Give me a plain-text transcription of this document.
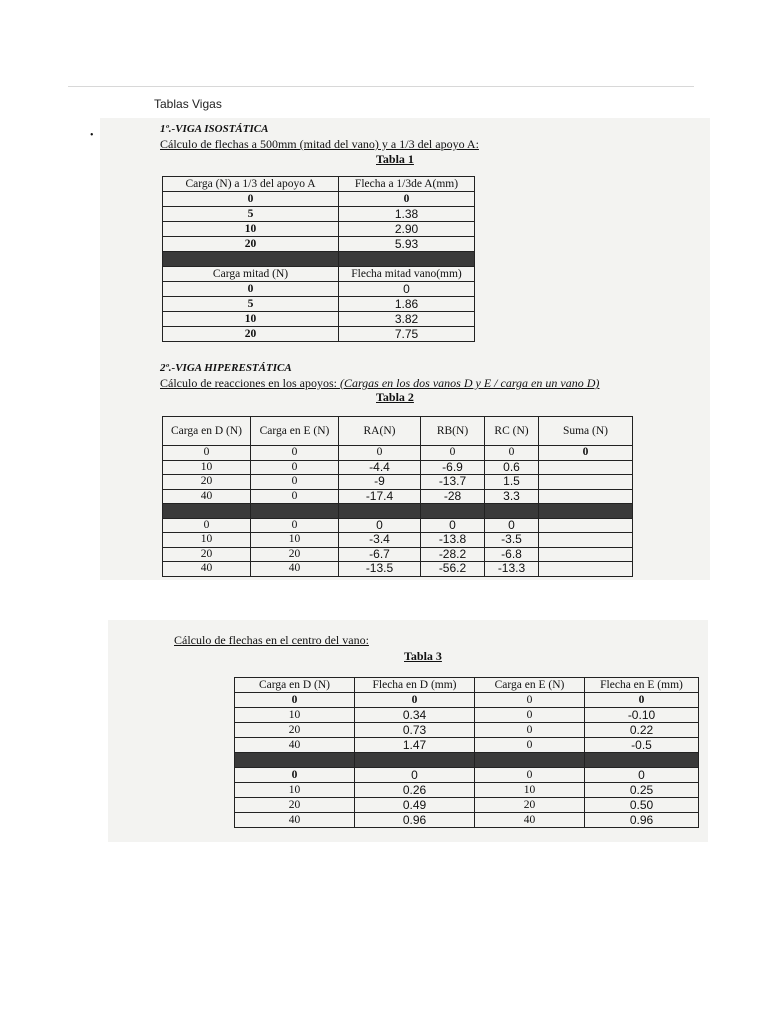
Tablas Vigas
•
1º.-VIGA ISOSTÁTICA
Cálculo de flechas a 500mm (mitad del vano) y a 1/3 del apoyo A:
Tabla 1
Carga (N) a 1/3 del apoyo A	Flecha a 1/3de A(mm)
0	0
5	1.38
10	2.90
20	5.93

Carga mitad (N)	Flecha mitad vano(mm)
0	0
5	1.86
10	3.82
20	7.75
2º.-VIGA HIPERESTÁTICA
Cálculo de reacciones en los apoyos: (Cargas en los dos vanos D y E / carga en un vano D)
Tabla 2
Carga en D (N)	Carga en E (N)	RA(N)	RB(N)	RC (N)	Suma (N)
0	0	0	0	0	0
10	0	-4.4	-6.9	0.6	
20	0	-9	-13.7	1.5	
40	0	-17.4	-28	3.3	

0	0	0	0	0	
10	10	-3.4	-13.8	-3.5	
20	20	-6.7	-28.2	-6.8	
40	40	-13.5	-56.2	-13.3	
Cálculo de flechas en el centro del vano:
Tabla 3
Carga en D (N)	Flecha en D (mm)	Carga en E (N)	Flecha en E (mm)
0	0	0	0
10	0.34	0	-0.10
20	0.73	0	0.22
40	1.47	0	-0.5

0	0	0	0
10	0.26	10	0.25
20	0.49	20	0.50
40	0.96	40	0.96
